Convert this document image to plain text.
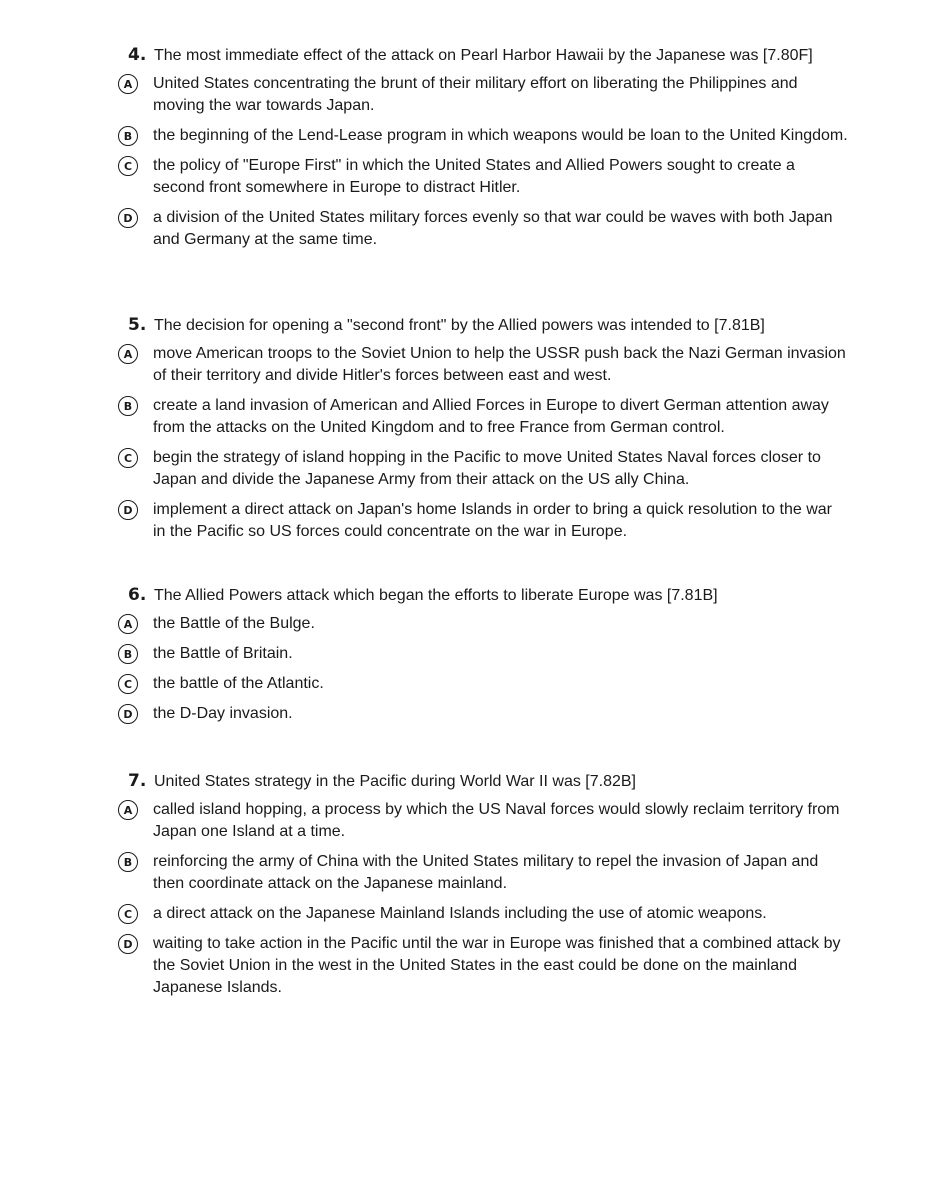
4. The most immediate effect of the attack on Pearl Harbor Hawaii by the Japanese was [7.80F]
A	United States concentrating the brunt of their military effort on liberating the Philippines and moving the war towards Japan.
B	the beginning of the Lend-Lease program in which weapons would be loan to the United Kingdom.
C	the policy of "Europe First" in which the United States and Allied Powers sought to create a second front somewhere in Europe to distract Hitler.
D	a division of the United States military forces evenly so that war could be waves with both Japan and Germany at the same time.
5. The decision for opening a "second front" by the Allied powers was intended to [7.81B]
A	move American troops to the Soviet Union to help the USSR push back the Nazi German invasion of their territory and divide Hitler's forces between east and west.
B	create a land invasion of American and Allied Forces in Europe to divert German attention away from the attacks on the United Kingdom and to free France from German control.
C	begin the strategy of island hopping in the Pacific to move United States Naval forces closer to Japan and divide the Japanese Army from their attack on the US ally China.
D	implement a direct attack on Japan's home Islands in order to bring a quick resolution to the war in the Pacific so US forces could concentrate on the war in Europe.
6. The Allied Powers attack which began the efforts to liberate Europe was [7.81B]
A	the Battle of the Bulge.
B	the Battle of Britain.
C	the battle of the Atlantic.
D	the D-Day invasion.
7. United States strategy in the Pacific during World War II was [7.82B]
A	called island hopping, a process by which the US Naval forces would slowly reclaim territory from Japan one Island at a time.
B	reinforcing the army of China with the United States military to repel the invasion of Japan and then coordinate attack on the Japanese mainland.
C	a direct attack on the Japanese Mainland Islands including the use of atomic weapons.
D	waiting to take action in the Pacific until the war in Europe was finished that a combined attack by the Soviet Union in the west in the United States in the east could be done on the mainland Japanese Islands.
